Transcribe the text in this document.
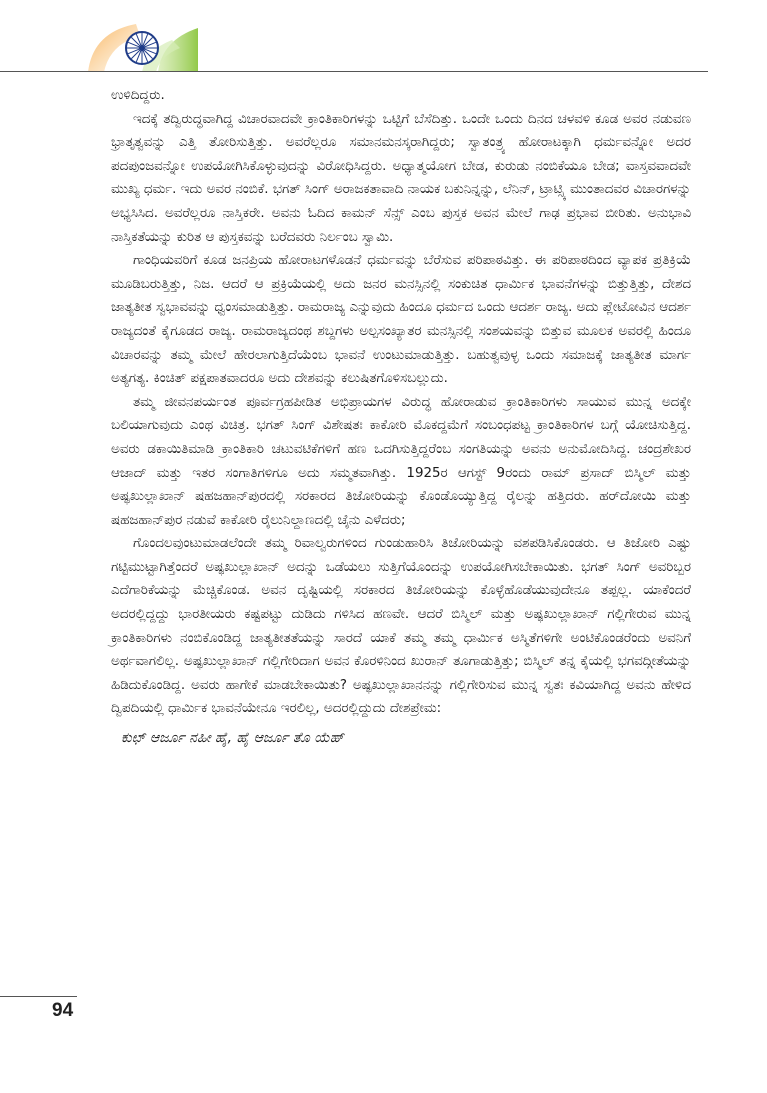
ಉಳಿದಿದ್ದರು.

ಇದಕ್ಕೆ ತದ್ವಿರುದ್ಧವಾಗಿದ್ದ ವಿಚಾರವಾದವೇ ಕ್ರಾಂತಿಕಾರಿಗಳನ್ನು ಒಟ್ಟಿಗೆ ಬೆಸೆದಿತ್ತು. ಒಂದೇ ಒಂದು ದಿನದ ಚಳವಳಿ ಕೂಡ ಅವರ ನಡುವಣ ಭ್ರಾತೃತ್ವವನ್ನು ಎತ್ತಿ ತೋರಿಸುತ್ತಿತ್ತು. ಅವರೆಲ್ಲರೂ ಸಮಾನಮನಸ್ಕರಾಗಿದ್ದರು; ಸ್ವಾತಂತ್ರ್ಯ ಹೋರಾಟಕ್ಕಾಗಿ ಧರ್ಮವನ್ನೋ ಅದರ ಪದಪುಂಜವನ್ನೋ ಉಪಯೋಗಿಸಿಕೊಳ್ಳುವುದನ್ನು ವಿರೋಧಿಸಿದ್ದರು. ಅಧ್ಯಾತ್ಮಯೋಗ ಬೇಡ, ಕುರುಡು ನಂಬಿಕೆಯೂ ಬೇಡ; ವಾಸ್ತವವಾದವೇ ಮುಖ್ಯ ಧರ್ಮ. ಇದು ಅವರ ನಂಬಿಕೆ. ಭಗತ್ ಸಿಂಗ್ ಅರಾಜಕತಾವಾದಿ ನಾಯಕ ಬಕುನಿನ್ನನ್ನು, ಲೆನಿನ್, ಟ್ರಾಟ್ಸ್ಕಿ ಮುಂತಾದವರ ವಿಚಾರಗಳನ್ನು ಅಭ್ಯಸಿಸಿದ. ಅವರೆಲ್ಲರೂ ನಾಸ್ತಿಕರೇ. ಅವನು ಓದಿದ ಕಾಮನ್ ಸೆನ್ಸ್ ಎಂಬ ಪುಸ್ತಕ ಅವನ ಮೇಲೆ ಗಾಢ ಪ್ರಭಾವ ಬೀರಿತು. ಅನುಭಾವಿ ನಾಸ್ತಿಕತೆಯನ್ನು ಕುರಿತ ಆ ಪುಸ್ತಕವನ್ನು ಬರೆದವರು ನಿರ್ಲಂಬ ಸ್ವಾಮಿ.

ಗಾಂಧಿಯವರಿಗೆ ಕೂಡ ಜನಪ್ರಿಯ ಹೋರಾಟಗಳೊಡನೆ ಧರ್ಮವನ್ನು ಬೆರೆಸುವ ಪರಿಪಾಠವಿತ್ತು. ಈ ಪರಿಪಾಠದಿಂದ ವ್ಯಾಪಕ ಪ್ರತಿಕ್ರಿಯೆ ಮೂಡಿಬರುತ್ತಿತ್ತು, ನಿಜ. ಆದರೆ ಆ ಪ್ರಕ್ರಿಯೆಯಲ್ಲಿ ಅದು ಜನರ ಮನಸ್ಸಿನಲ್ಲಿ ಸಂಕುಚಿತ ಧಾರ್ಮಿಕ ಭಾವನೆಗಳನ್ನು ಬಿತ್ತುತ್ತಿತ್ತು, ದೇಶದ ಜಾತ್ಯತೀತ ಸ್ವಭಾವವನ್ನು ಧ್ವಂಸಮಾಡುತ್ತಿತ್ತು. ರಾಮರಾಜ್ಯ ಎನ್ನುವುದು ಹಿಂದೂ ಧರ್ಮದ ಒಂದು ಆದರ್ಶ ರಾಜ್ಯ. ಅದು ಪ್ಲೇಟೋವಿನ ಆದರ್ಶ ರಾಜ್ಯದಂತೆ ಕೈಗೂಡದ ರಾಜ್ಯ. ರಾಮರಾಜ್ಯದಂಥ ಶಬ್ದಗಳು ಅಲ್ಪಸಂಖ್ಯಾತರ ಮನಸ್ಸಿನಲ್ಲಿ ಸಂಶಯವನ್ನು ಬಿತ್ತುವ ಮೂಲಕ ಅವರಲ್ಲಿ ಹಿಂದೂ ವಿಚಾರವನ್ನು ತಮ್ಮ ಮೇಲೆ ಹೇರಲಾಗುತ್ತಿದೆಯೆಂಬ ಭಾವನೆ ಉಂಟುಮಾಡುತ್ತಿತ್ತು. ಬಹುತ್ವವುಳ್ಳ ಒಂದು ಸಮಾಜಕ್ಕೆ ಜಾತ್ಯತೀತ ಮಾರ್ಗ ಅತ್ಯಗತ್ಯ. ಕಿಂಚಿತ್ ಪಕ್ಷಪಾತವಾದರೂ ಅದು ದೇಶವನ್ನು ಕಲುಷಿತಗೊಳಿಸಬಲ್ಲುದು.

ತಮ್ಮ ಜೀವನಪರ್ಯಂತ ಪೂರ್ವಗ್ರಹಪೀಡಿತ ಅಭಿಪ್ರಾಯಗಳ ವಿರುದ್ಧ ಹೋರಾಡುವ ಕ್ರಾಂತಿಕಾರಿಗಳು ಸಾಯುವ ಮುನ್ನ ಅದಕ್ಕೇ ಬಲಿಯಾಗುವುದು ಎಂಥ ವಿಚಿತ್ರ. ಭಗತ್ ಸಿಂಗ್ ವಿಶೇಷತಃ ಕಾಕೋರಿ ಮೊಕದ್ದಮೆಗೆ ಸಂಬಂಧಪಟ್ಟ ಕ್ರಾಂತಿಕಾರಿಗಳ ಬಗ್ಗೆ ಯೋಚಿಸುತ್ತಿದ್ದ. ಅವರು ಡಕಾಯಿತಿಮಾಡಿ ಕ್ರಾಂತಿಕಾರಿ ಚಟುವಟಿಕೆಗಳಿಗೆ ಹಣ ಒದಗಿಸುತ್ತಿದ್ದರೆಂಬ ಸಂಗತಿಯನ್ನು ಅವನು ಅನುಮೋದಿಸಿದ್ದ. ಚಂದ್ರಶೇಖರ ಆಜಾದ್ ಮತ್ತು ಇತರ ಸಂಗಾತಿಗಳಿಗೂ ಅದು ಸಮ್ಮತವಾಗಿತ್ತು. 1925ರ ಆಗಸ್ಟ್ 9ರಂದು ರಾಮ್ ಪ್ರಸಾದ್ ಬಿಸ್ಮಿಲ್ ಮತ್ತು ಅಷ್ಫಖುಲ್ಲಾಖಾನ್ ಷಹಜಹಾನ್‌ಪುರದಲ್ಲಿ ಸರಕಾರದ ತಿಜೋರಿಯನ್ನು ಕೊಂಡೊಯ್ಯುತ್ತಿದ್ದ ರೈಲನ್ನು ಹತ್ತಿದರು. ಹರ್‌ದೋಯಿ ಮತ್ತು ಷಹಜಹಾನ್‌ಪುರ ನಡುವೆ ಕಾಕೋರಿ ರೈಲುನಿಲ್ದಾಣದಲ್ಲಿ ಚೈನು ಎಳೆದರು;

ಗೊಂದಲವುಂಟುಮಾಡಲೆಂದೇ ತಮ್ಮ ರಿವಾಲ್ವರುಗಳಿಂದ ಗುಂಡುಹಾರಿಸಿ ತಿಜೋರಿಯನ್ನು ವಶಪಡಿಸಿಕೊಂಡರು. ಆ ತಿಜೋರಿ ಎಷ್ಟು ಗಟ್ಟಿಮುಟ್ಟಾಗಿತ್ತೆಂದರೆ ಅಷ್ಫಖುಲ್ಲಾಖಾನ್ ಅದನ್ನು ಒಡೆಯಲು ಸುತ್ತಿಗೆಯೊಂದನ್ನು ಉಪಯೋಗಿಸಬೇಕಾಯಿತು. ಭಗತ್ ಸಿಂಗ್ ಅವರಿಬ್ಬರ ಎದೆಗಾರಿಕೆಯನ್ನು ಮೆಚ್ಚಿಕೊಂಡ. ಅವನ ದೃಷ್ಟಿಯಲ್ಲಿ ಸರಕಾರದ ತಿಜೋರಿಯನ್ನು ಕೊಳ್ಳೆಹೊಡೆಯುವುದೇನೂ ತಪ್ಪಲ್ಲ. ಯಾಕೆಂದರೆ ಅದರಲ್ಲಿದ್ದದ್ದು ಭಾರತೀಯರು ಕಷ್ಟಪಟ್ಟು ದುಡಿದು ಗಳಿಸಿದ ಹಣವೇ. ಆದರೆ ಬಿಸ್ಮಿಲ್ ಮತ್ತು ಅಷ್ಫಖುಲ್ಲಾಖಾನ್ ಗಲ್ಲಿಗೇರುವ ಮುನ್ನ ಕ್ರಾಂತಿಕಾರಿಗಳು ನಂಬಿಕೊಂಡಿದ್ದ ಜಾತ್ಯತೀತತೆಯನ್ನು ಸಾರದೆ ಯಾಕೆ ತಮ್ಮ ತಮ್ಮ ಧಾರ್ಮಿಕ ಅಸ್ಮಿತೆಗಳಿಗೇ ಅಂಟಿಕೊಂಡರೆಂದು ಅವನಿಗೆ ಅರ್ಥವಾಗಲಿಲ್ಲ. ಅಷ್ಫಖುಲ್ಲಾಖಾನ್ ಗಲ್ಲಿಗೇರಿದಾಗ ಅವನ ಕೊರಳಿನಿಂದ ಖುರಾನ್ ತೂಗಾಡುತ್ತಿತ್ತು; ಬಿಸ್ಮಿಲ್ ತನ್ನ ಕೈಯಲ್ಲಿ ಭಗವದ್ಗೀತೆಯನ್ನು ಹಿಡಿದುಕೊಂಡಿದ್ದ. ಅವರು ಹಾಗೇಕೆ ಮಾಡಬೇಕಾಯಿತು? ಅಷ್ಫಖುಲ್ಲಾಖಾನನನ್ನು ಗಲ್ಲಿಗೇರಿಸುವ ಮುನ್ನ ಸ್ವತಃ ಕವಿಯಾಗಿದ್ದ ಅವನು ಹೇಳಿದ ದ್ವಿಪದಿಯಲ್ಲಿ ಧಾರ್ಮಿಕ ಭಾವನೆಯೇನೂ ಇರಲಿಲ್ಲ, ಅದರಲ್ಲಿದ್ದುದು ದೇಶಪ್ರೇಮ:

ಕುಛ್ ಆರ್ಜೂ ನಹೀ ಹೈ, ಹೈ ಆರ್ಜೂ ತೊ ಯೆಹ್

94
